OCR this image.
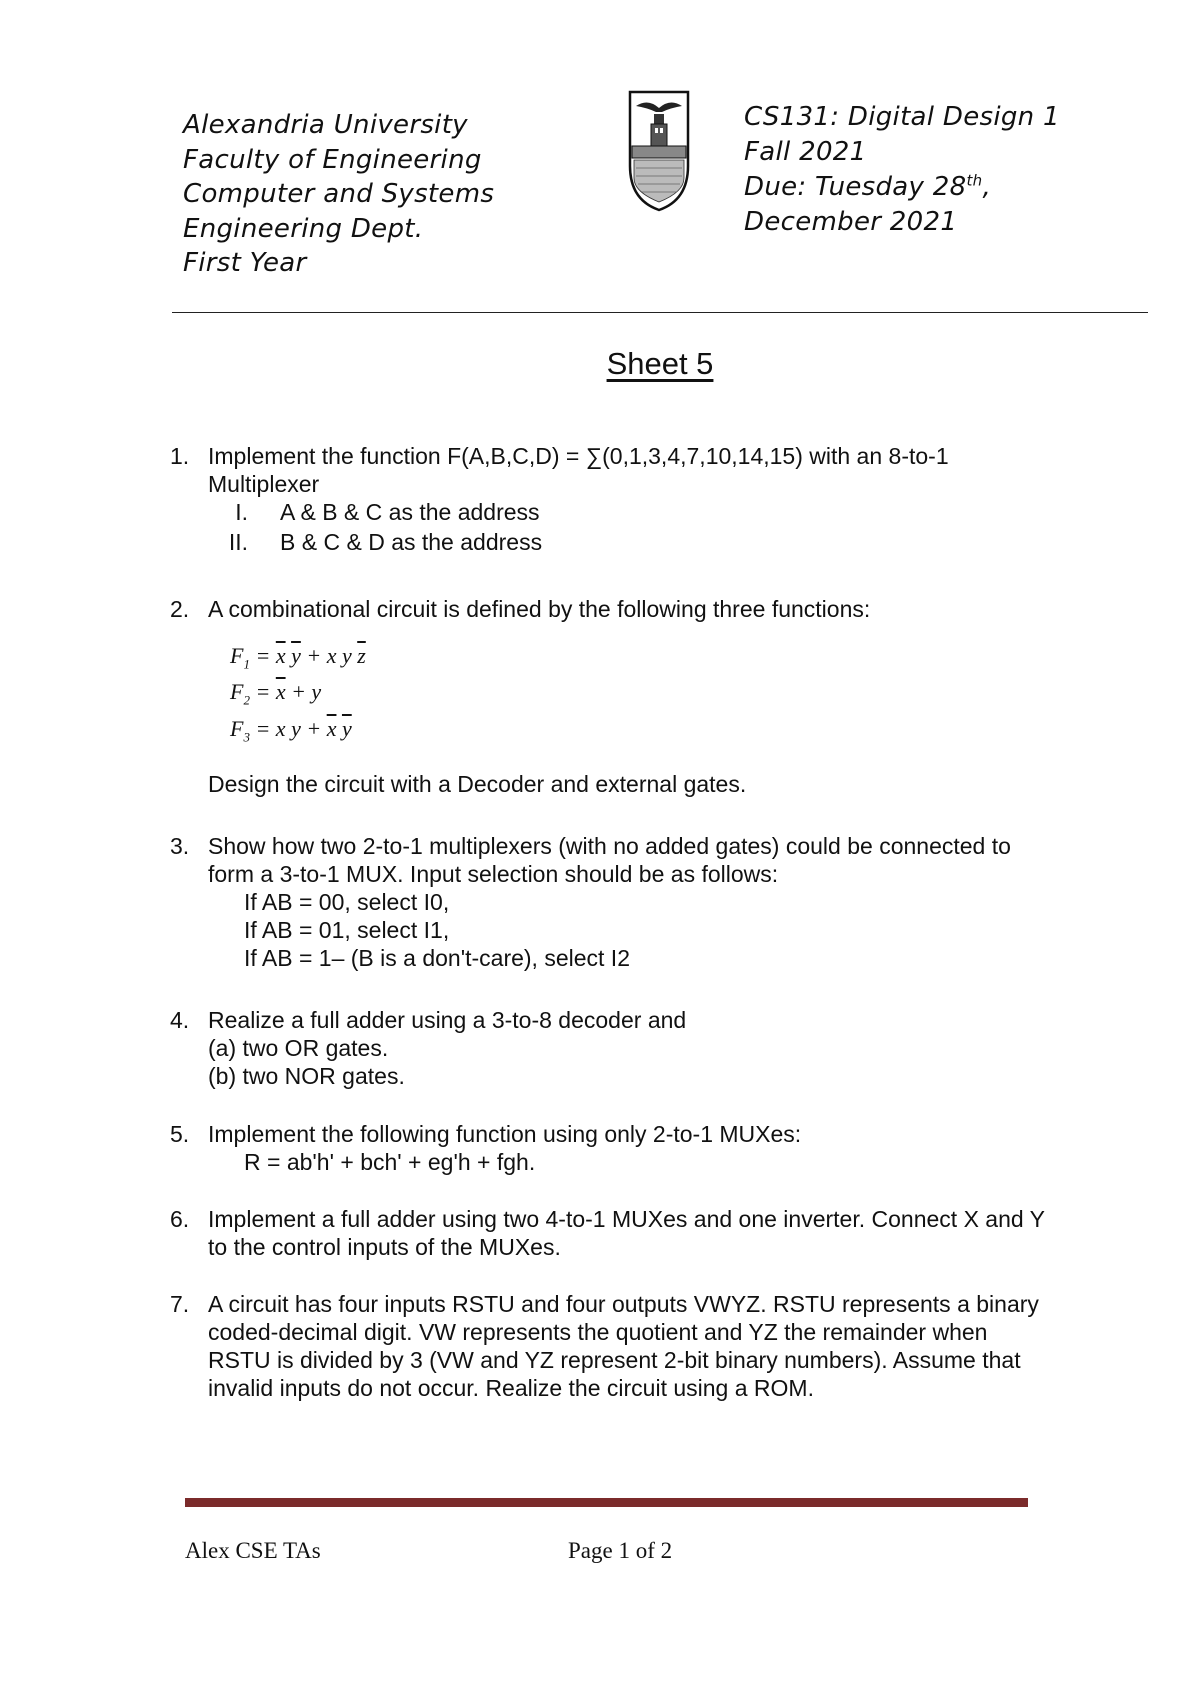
Alexandria University
Faculty of Engineering
Computer and Systems
Engineering Dept.
First Year
CS131: Digital Design 1
Fall 2021
Due: Tuesday 28th,
December 2021
Sheet 5
1. Implement the function F(A,B,C,D) = ∑(0,1,3,4,7,10,14,15) with an 8-to-1
Multiplexer
I. A & B & C as the address
II. B & C & D as the address
2. A combinational circuit is defined by the following three functions:
$F_1 = \overline{x}$ $\overline{y} + x$ y $\overline{z}$
$F_2 = \overline{x} + y$
$F_3 = x$ $y + \overline{x}$ $\overline{y}$
Design the circuit with a Decoder and external gates.
3. Show how two 2-to-1 multiplexers (with no added gates) could be connected to
form a 3-to-1 MUX. Input selection should be as follows:
If AB = 00, select I0,
If AB = 01, select I1,
If AB = 1– (B is a don't-care), select I2
4. Realize a full adder using a 3-to-8 decoder and
(a) two OR gates.
(b) two NOR gates.
5. Implement the following function using only 2-to-1 MUXes:
R = ab'h' + bch' + eg'h + fgh.
6. Implement a full adder using two 4-to-1 MUXes and one inverter. Connect X and Y
to the control inputs of the MUXes.
7. A circuit has four inputs RSTU and four outputs VWYZ. RSTU represents a binary
coded-decimal digit. VW represents the quotient and YZ the remainder when
RSTU is divided by 3 (VW and YZ represent 2-bit binary numbers). Assume that
invalid inputs do not occur. Realize the circuit using a ROM.
Alex CSE TAs	Page 1 of 2
